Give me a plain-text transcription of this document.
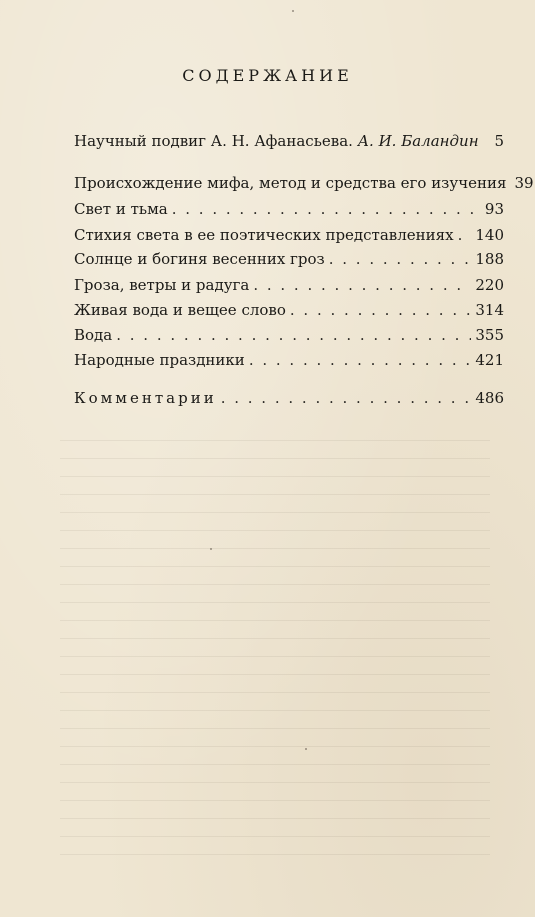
СОДЕРЖАНИЕ
Научный подвиг А. Н. Афанасьева. А. И. Баландин 5
Происхождение мифа, метод и средства его изучения 39
Свет и тьма . . .	93
Стихия света в ее поэтических представлениях . . . 140
Солнце и богиня весенних гроз . . .	188
Гроза, ветры и радуга . . .	220
Живая вода и вещее слово . . .	314
Вода . . .	355
Народные праздники . . .	421
Комментарии . . .	486
